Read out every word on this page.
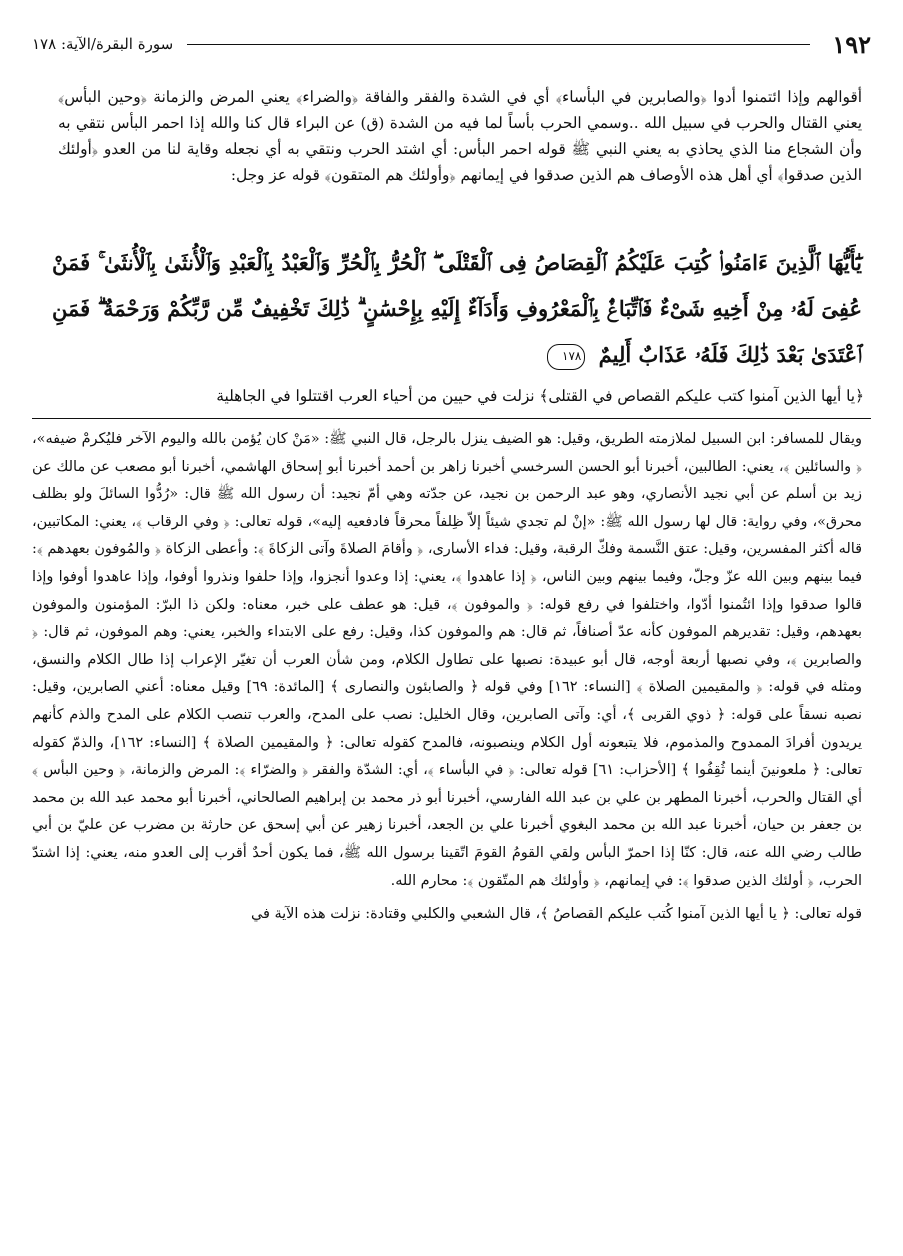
١٩٢
سورة البقرة/الآية: ١٧٨

أقوالهم وإذا ائتمنوا أدوا ﴿والصابرين في البأساء﴾ أي في الشدة والفقر والفاقة ﴿والضراء﴾ يعني المرض والزمانة ﴿وحين البأس﴾ يعني القتال والحرب في سبيل الله ..وسمي الحرب بأساً لما فيه من الشدة (ق) عن البراء قال كنا والله إذا احمر البأس نتقي به وأن الشجاع منا الذي يحاذي به يعني النبي ﷺ قوله احمر البأس: أي اشتد الحرب ونتقي به أي نجعله وقاية لنا من العدو ﴿أولئك الذين صدقوا﴾ أي أهل هذه الأوصاف هم الذين صدقوا في إيمانهم ﴿وأولئك هم المتقون﴾ قوله عز وجل:

يَٰٓأَيُّهَا ٱلَّذِينَ ءَامَنُوا۟ كُتِبَ عَلَيْكُمُ ٱلْقِصَاصُ فِى ٱلْقَتْلَى ۖ ٱلْحُرُّ بِٱلْحُرِّ وَٱلْعَبْدُ بِٱلْعَبْدِ وَٱلْأُنثَىٰ بِٱلْأُنثَىٰ ۚ فَمَنْ عُفِىَ لَهُۥ مِنْ أَخِيهِ شَىْءٌ فَٱتِّبَاعٌۢ بِٱلْمَعْرُوفِ وَأَدَآءٌ إِلَيْهِ بِإِحْسَٰنٍ ۗ ذَٰلِكَ تَخْفِيفٌ مِّن رَّبِّكُمْ وَرَحْمَةٌ ۗ فَمَنِ ٱعْتَدَىٰ بَعْدَ ذَٰلِكَ فَلَهُۥ عَذَابٌ أَلِيمٌ ١٧٨
﴿يا أيها الذين آمنوا كتب عليكم القصاص في القتلى﴾ نزلت في حيين من أحياء العرب اقتتلوا في الجاهلية

ويقال للمسافر: ابن السبيل لملازمته الطريق، وقيل: هو الضيف ينزل بالرجل، قال النبي ﷺ: «مَنْ كان يُؤمن بالله واليوم الآخر فليُكرمْ ضيفه»، ﴿ والسائلين ﴾، يعني: الطالبين، أخبرنا أبو الحسن السرخسي أخبرنا زاهر بن أحمد أخبرنا أبو إسحاق الهاشمي، أخبرنا أبو مصعب عن مالك عن زيد بن أسلم عن أبي نجيد الأنصاري، وهو عبد الرحمن بن نجيد، عن جدّته وهي أمّ نجيد: أن رسول الله ﷺ قال: «رُدُّوا السائلَ ولو بظلف محرق»، وفي رواية: قال لها رسول الله ﷺ: «إنْ لم تجدي شيئاً إلاّ ظِلفاً محرقاً فادفعيه إليه»، قوله تعالى: ﴿ وفي الرقاب ﴾، يعني: المكاتبين، قاله أكثر المفسرين، وقيل: عتق النَّسمة وفكّ الرقبة، وقيل: فداء الأسارى، ﴿ وأقامَ الصلاةَ وآتى الزكاةَ ﴾: وأعطى الزكاة ﴿ والمُوفون بعهدهم ﴾: فيما بينهم وبين الله عزّ وجلّ، وفيما بينهم وبين الناس، ﴿ إذا عاهدوا ﴾، يعني: إذا وعدوا أنجزوا، وإذا حلفوا ونذروا أوفوا، وإذا عاهدوا أوفوا وإذا قالوا صدقوا وإذا ائتُمنوا أدّوا، واختلفوا في رفع قوله: ﴿ والموفون ﴾، قيل: هو عطف على خبر، معناه: ولكن ذا البرّ: المؤمنون والموفون بعهدهم، وقيل: تقديرهم الموفون كأنه عدّ أصنافاً، ثم قال: هم والموفون كذا، وقيل: رفع على الابتداء والخبر، يعني: وهم الموفون، ثم قال: ﴿ والصابرين ﴾، وفي نصبها أربعة أوجه، قال أبو عبيدة: نصبها على تطاول الكلام، ومن شأن العرب أن تغيّر الإعراب إذا طال الكلام والنسق، ومثله في قوله: ﴿ والمقيمين الصلاة ﴾ [النساء: ١٦٢] وفي قوله ﴿ والصابئون والنصارى ﴾ [المائدة: ٦٩] وقيل معناه: أعني الصابرين، وقيل: نصبه نسقاً على قوله: ﴿ ذوي القربى ﴾، أي: وآتى الصابرين، وقال الخليل: نصب على المدح، والعرب تنصب الكلام على المدح والذم كأنهم يريدون أفرادَ الممدوح والمذموم، فلا يتبعونه أول الكلام وينصبونه، فالمدح كقوله تعالى: ﴿ والمقيمين الصلاة ﴾ [النساء: ١٦٢]، والذمّ كقوله تعالى: ﴿ ملعونينَ أينما ثُقِفُوا ﴾ [الأحزاب: ٦١] قوله تعالى: ﴿ في البأساء ﴾، أي: الشدّة والفقر ﴿ والضرّاء ﴾: المرض والزمانة، ﴿ وحين البأس ﴾ أي القتال والحرب، أخبرنا المطهر بن علي بن عبد الله الفارسي، أخبرنا أبو ذر محمد بن إبراهيم الصالحاني، أخبرنا أبو محمد عبد الله بن محمد بن جعفر بن حيان، أخبرنا عبد الله بن محمد البغوي أخبرنا علي بن الجعد، أخبرنا زهير عن أبي إسحق عن حارثة بن مضرب عن عليّ بن أبي طالب رضي الله عنه، قال: كنّا إذا احمرّ البأس ولقي القومُ القومَ اتّقينا برسول الله ﷺ، فما يكون أحدٌ أقرب إلى العدو منه، يعني: إذا اشتدّ الحرب، ﴿ أولئك الذين صدقوا ﴾: في إيمانهم، ﴿ وأولئك هم المتّقون ﴾: محارم الله.

قوله تعالى: ﴿ يا أيها الذين آمنوا كُتب عليكم القصاصُ ﴾، قال الشعبي والكلبي وقتادة: نزلت هذه الآية في
